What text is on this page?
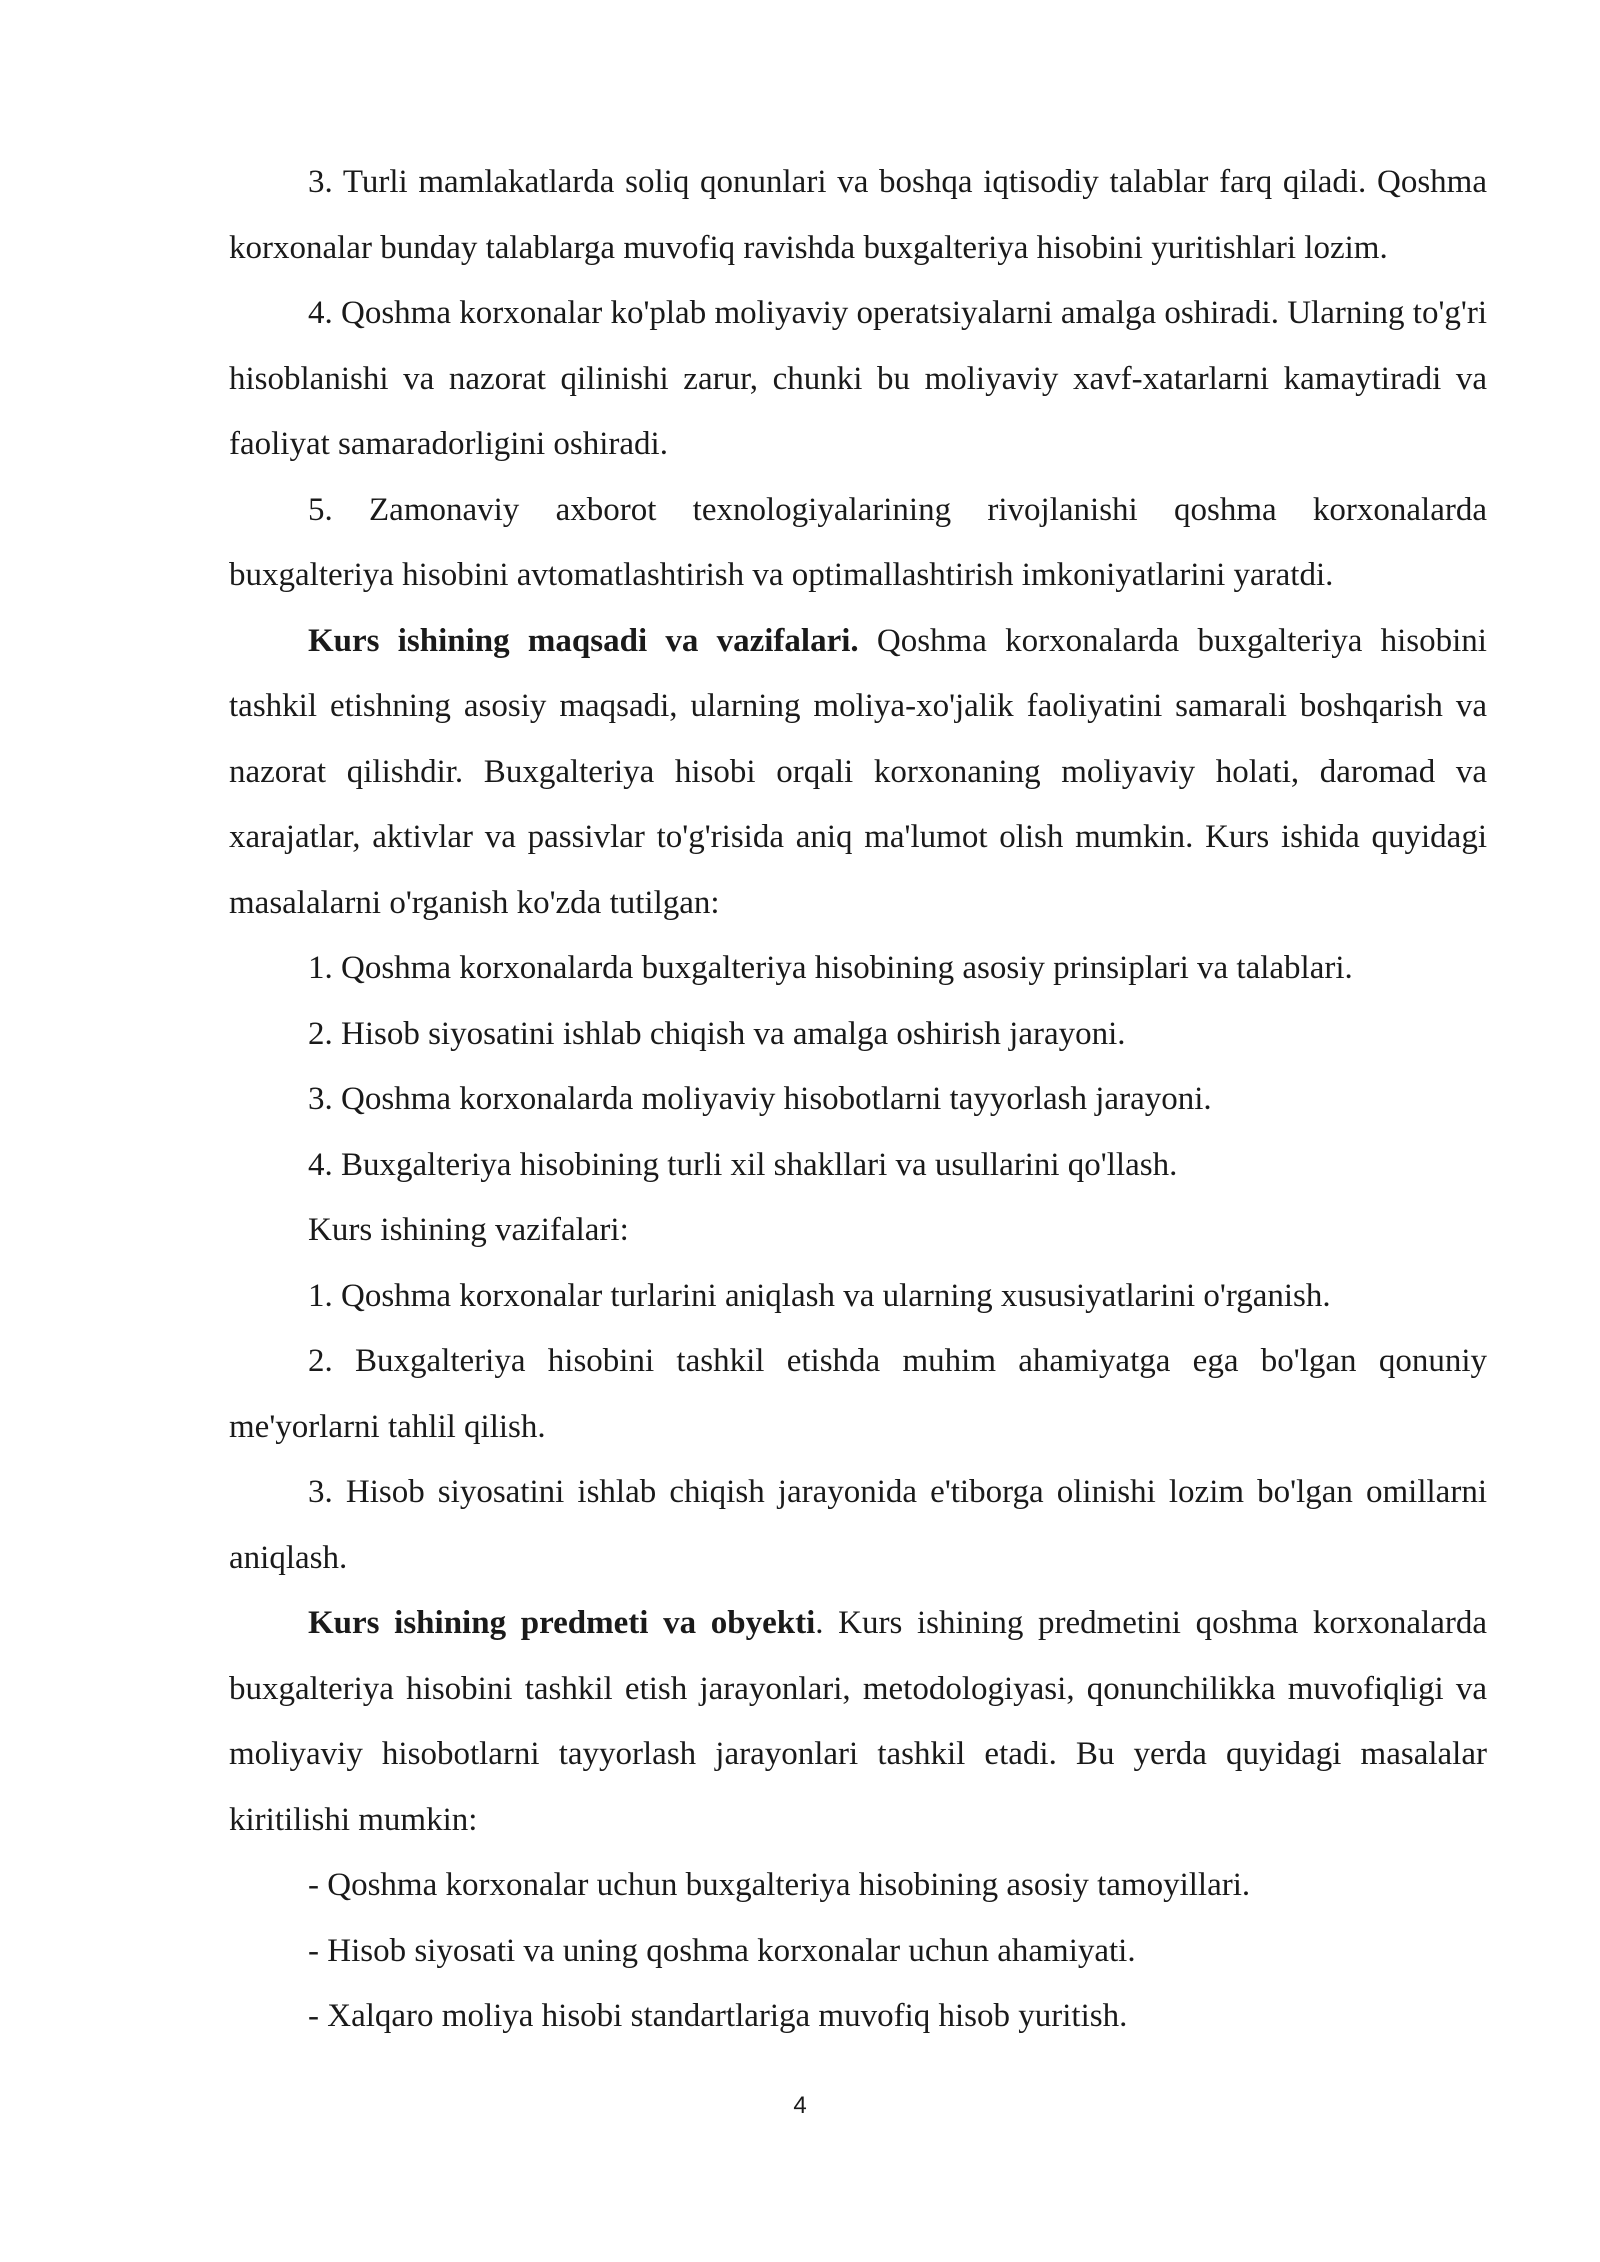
3. Turli mamlakatlarda soliq qonunlari va boshqa iqtisodiy talablar farq qiladi. Qoshma korxonalar bunday talablarga muvofiq ravishda buxgalteriya hisobini yuritishlari lozim.

4. Qoshma korxonalar ko'plab moliyaviy operatsiyalarni amalga oshiradi. Ularning to'g'ri hisoblanishi va nazorat qilinishi zarur, chunki bu moliyaviy xavf-xatarlarni kamaytiradi va faoliyat samaradorligini oshiradi.

5. Zamonaviy axborot texnologiyalarining rivojlanishi qoshma korxonalarda buxgalteriya hisobini avtomatlashtirish va optimallashtirish imkoniyatlarini yaratdi.

Kurs ishining maqsadi va vazifalari. Qoshma korxonalarda buxgalteriya hisobini tashkil etishning asosiy maqsadi, ularning moliya-xo'jalik faoliyatini samarali boshqarish va nazorat qilishdir. Buxgalteriya hisobi orqali korxonaning moliyaviy holati, daromad va xarajatlar, aktivlar va passivlar to'g'risida aniq ma'lumot olish mumkin. Kurs ishida quyidagi masalalarni o'rganish ko'zda tutilgan:

1. Qoshma korxonalarda buxgalteriya hisobining asosiy prinsiplari va talablari.

2. Hisob siyosatini ishlab chiqish va amalga oshirish jarayoni.

3. Qoshma korxonalarda moliyaviy hisobotlarni tayyorlash jarayoni.

4. Buxgalteriya hisobining turli xil shakllari va usullarini qo'llash.

Kurs ishining vazifalari:

1. Qoshma korxonalar turlarini aniqlash va ularning xususiyatlarini o'rganish.

2. Buxgalteriya hisobini tashkil etishda muhim ahamiyatga ega bo'lgan qonuniy me'yorlarni tahlil qilish.

3. Hisob siyosatini ishlab chiqish jarayonida e'tiborga olinishi lozim bo'lgan omillarni aniqlash.

Kurs ishining predmeti va obyekti. Kurs ishining predmetini qoshma korxonalarda buxgalteriya hisobini tashkil etish jarayonlari, metodologiyasi, qonunchilikka muvofiqligi va moliyaviy hisobotlarni tayyorlash jarayonlari tashkil etadi. Bu yerda quyidagi masalalar kiritilishi mumkin:

- Qoshma korxonalar uchun buxgalteriya hisobining asosiy tamoyillari.

- Hisob siyosati va uning qoshma korxonalar uchun ahamiyati.

- Xalqaro moliya hisobi standartlariga muvofiq hisob yuritish.

4
